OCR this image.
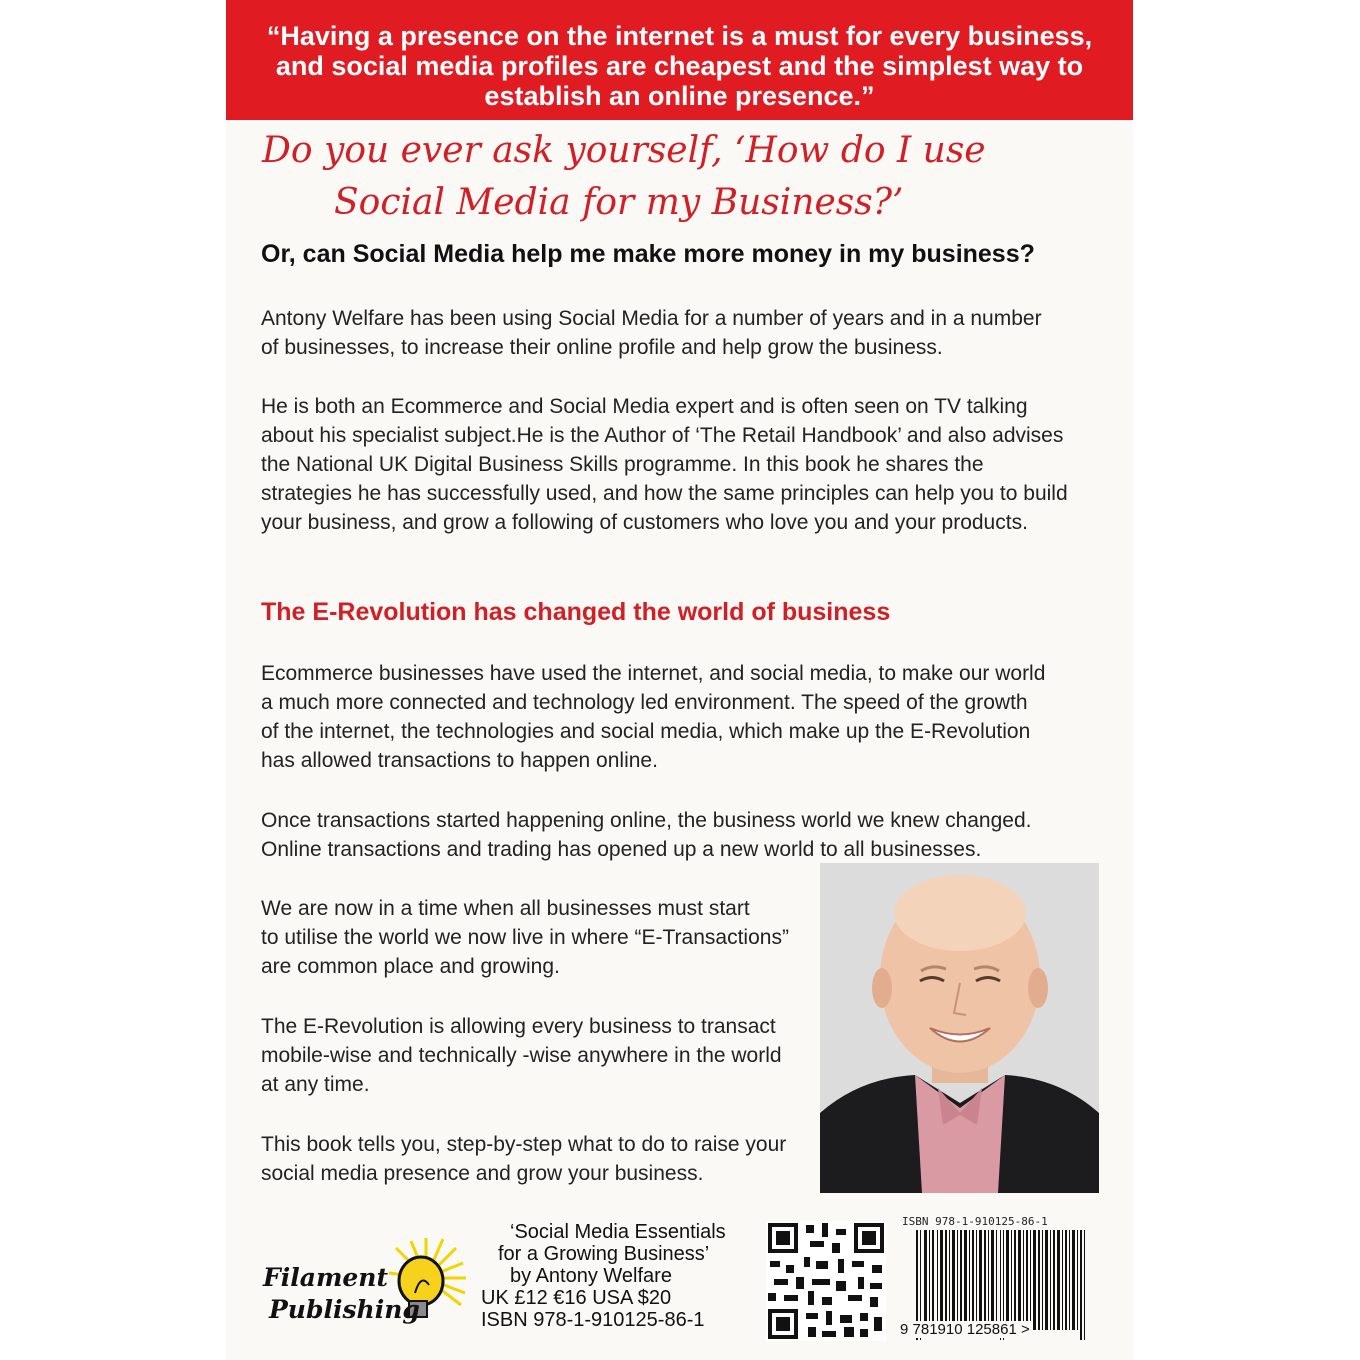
“Having a presence on the internet is a must for every business,

and social media profiles are cheapest and the simplest way to

establish an online presence.”

Do you ever ask yourself, ‘How do I use
Social Media for my Business?’
Or, can Social Media help me make more money in my business?
Antony Welfare has been using Social Media for a number of years and in a number
of businesses, to increase their online profile and help grow the business.
He is both an Ecommerce and Social Media expert and is often seen on TV talking
about his specialist subject.He is the Author of ‘The Retail Handbook’ and also advises
the National UK Digital Business Skills programme. In this book he shares the
strategies he has successfully used, and how the same principles can help you to build
your business, and grow a following of customers who love you and your products.
The E-Revolution has changed the world of business
Ecommerce businesses have used the internet, and social media, to make our world
a much more connected and technology led environment. The speed of the growth
of the internet, the technologies and social media, which make up the E-Revolution
has allowed transactions to happen online.
Once transactions started happening online, the business world we knew changed.
Online transactions and trading has opened up a new world to all businesses.
We are now in a time when all businesses must start
to utilise the world we now live in where “E-Transactions”
are common place and growing.
The E-Revolution is allowing every business to transact
mobile-wise and technically -wise anywhere in the world
at any time.
This book tells you, step-by-step what to do to raise your
social media presence and grow your business.
Filament
Publishing
‘Social Media Essentials
for a Growing Business’
by Antony Welfare
UK £12 €16 USA $20
ISBN 978-1-910125-86-1
ISBN 978-1-910125-86-1
9 781910 125861 >
